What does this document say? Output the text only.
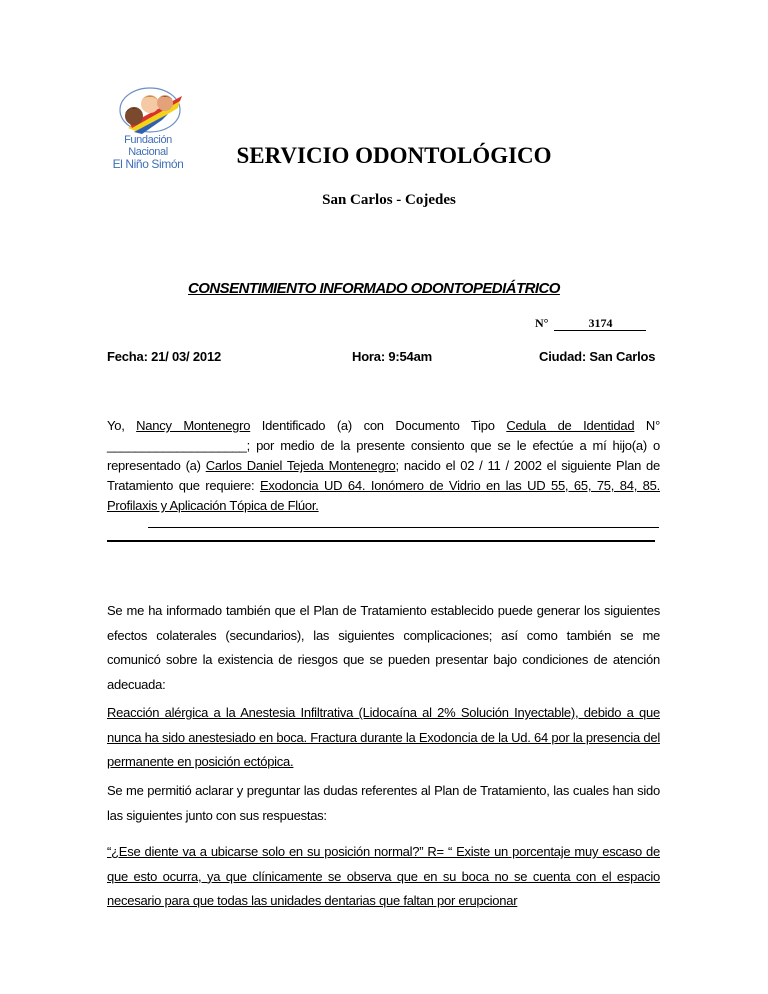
Fundación Nacional
El Niño Simón	SERVICIO ODONTOLÓGICO
San Carlos - Cojedes
CONSENTIMIENTO INFORMADO ODONTOPEDIÁTRICO
N°	3174
Fecha: 21/ 03/ 2012	Hora: 9:54am	Ciudad: San Carlos
Yo, Nancy Montenegro Identificado (a) con Documento Tipo Cedula de Identidad N° ____________________; por medio de la presente consiento que se le efectúe a mí hijo(a) o representado (a) Carlos Daniel Tejeda Montenegro; nacido el 02 / 11 / 2002 el siguiente Plan de Tratamiento que requiere: Exodoncia UD 64. Ionómero de Vidrio en las UD 55, 65, 75, 84, 85. Profilaxis y Aplicación Tópica de Flúor.
Se me ha informado también que el Plan de Tratamiento establecido puede generar los siguientes efectos colaterales (secundarios), las siguientes complicaciones; así como también se me comunicó sobre la existencia de riesgos que se pueden presentar bajo condiciones de atención adecuada:
Reacción alérgica a la Anestesia Infiltrativa (Lidocaína al 2% Solución Inyectable), debido a que nunca ha sido anestesiado en boca. Fractura durante la Exodoncia de la Ud. 64 por la presencia del permanente en posición ectópica.
Se me permitió aclarar y preguntar las dudas referentes al Plan de Tratamiento, las cuales han sido las siguientes junto con sus respuestas:
“¿Ese diente va a ubicarse solo en su posición normal?” R= “ Existe un porcentaje muy escaso de que esto ocurra, ya que clínicamente se observa que en su boca no se cuenta con el espacio necesario para que todas las unidades dentarias que faltan por erupcionar
